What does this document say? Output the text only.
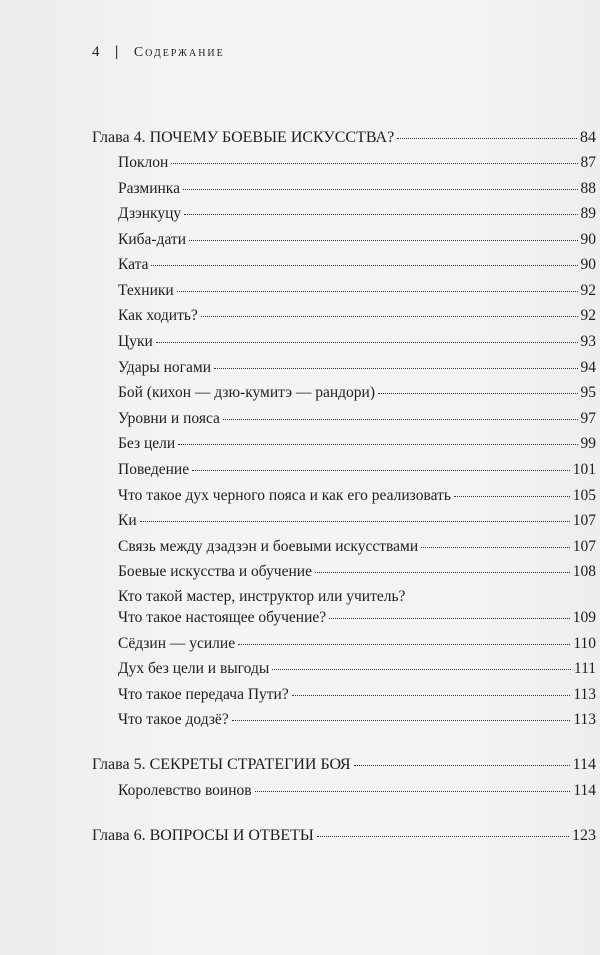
4 | Содержание
Глава 4. ПОЧЕМУ БОЕВЫЕ ИСКУССТВА?	84
Поклон	87
Разминка	88
Дзэнкуцу	89
Киба-дати	90
Ката	90
Техники	92
Как ходить?	92
Цуки	93
Удары ногами	94
Бой (кихон — дзю-кумитэ — рандори)	95
Уровни и пояса	97
Без цели	99
Поведение	101
Что такое дух черного пояса и как его реализовать	105
Ки	107
Связь между дзадзэн и боевыми искусствами	107
Боевые искусства и обучение	108
Кто такой мастер, инструктор или учитель?
Что такое настоящее обучение?	109
Сёдзин — усилие	110
Дух без цели и выгоды	111
Что такое передача Пути?	113
Что такое додзё?	113
Глава 5. СЕКРЕТЫ СТРАТЕГИИ БОЯ	114
Королевство воинов	114
Глава 6. ВОПРОСЫ И ОТВЕТЫ	123
